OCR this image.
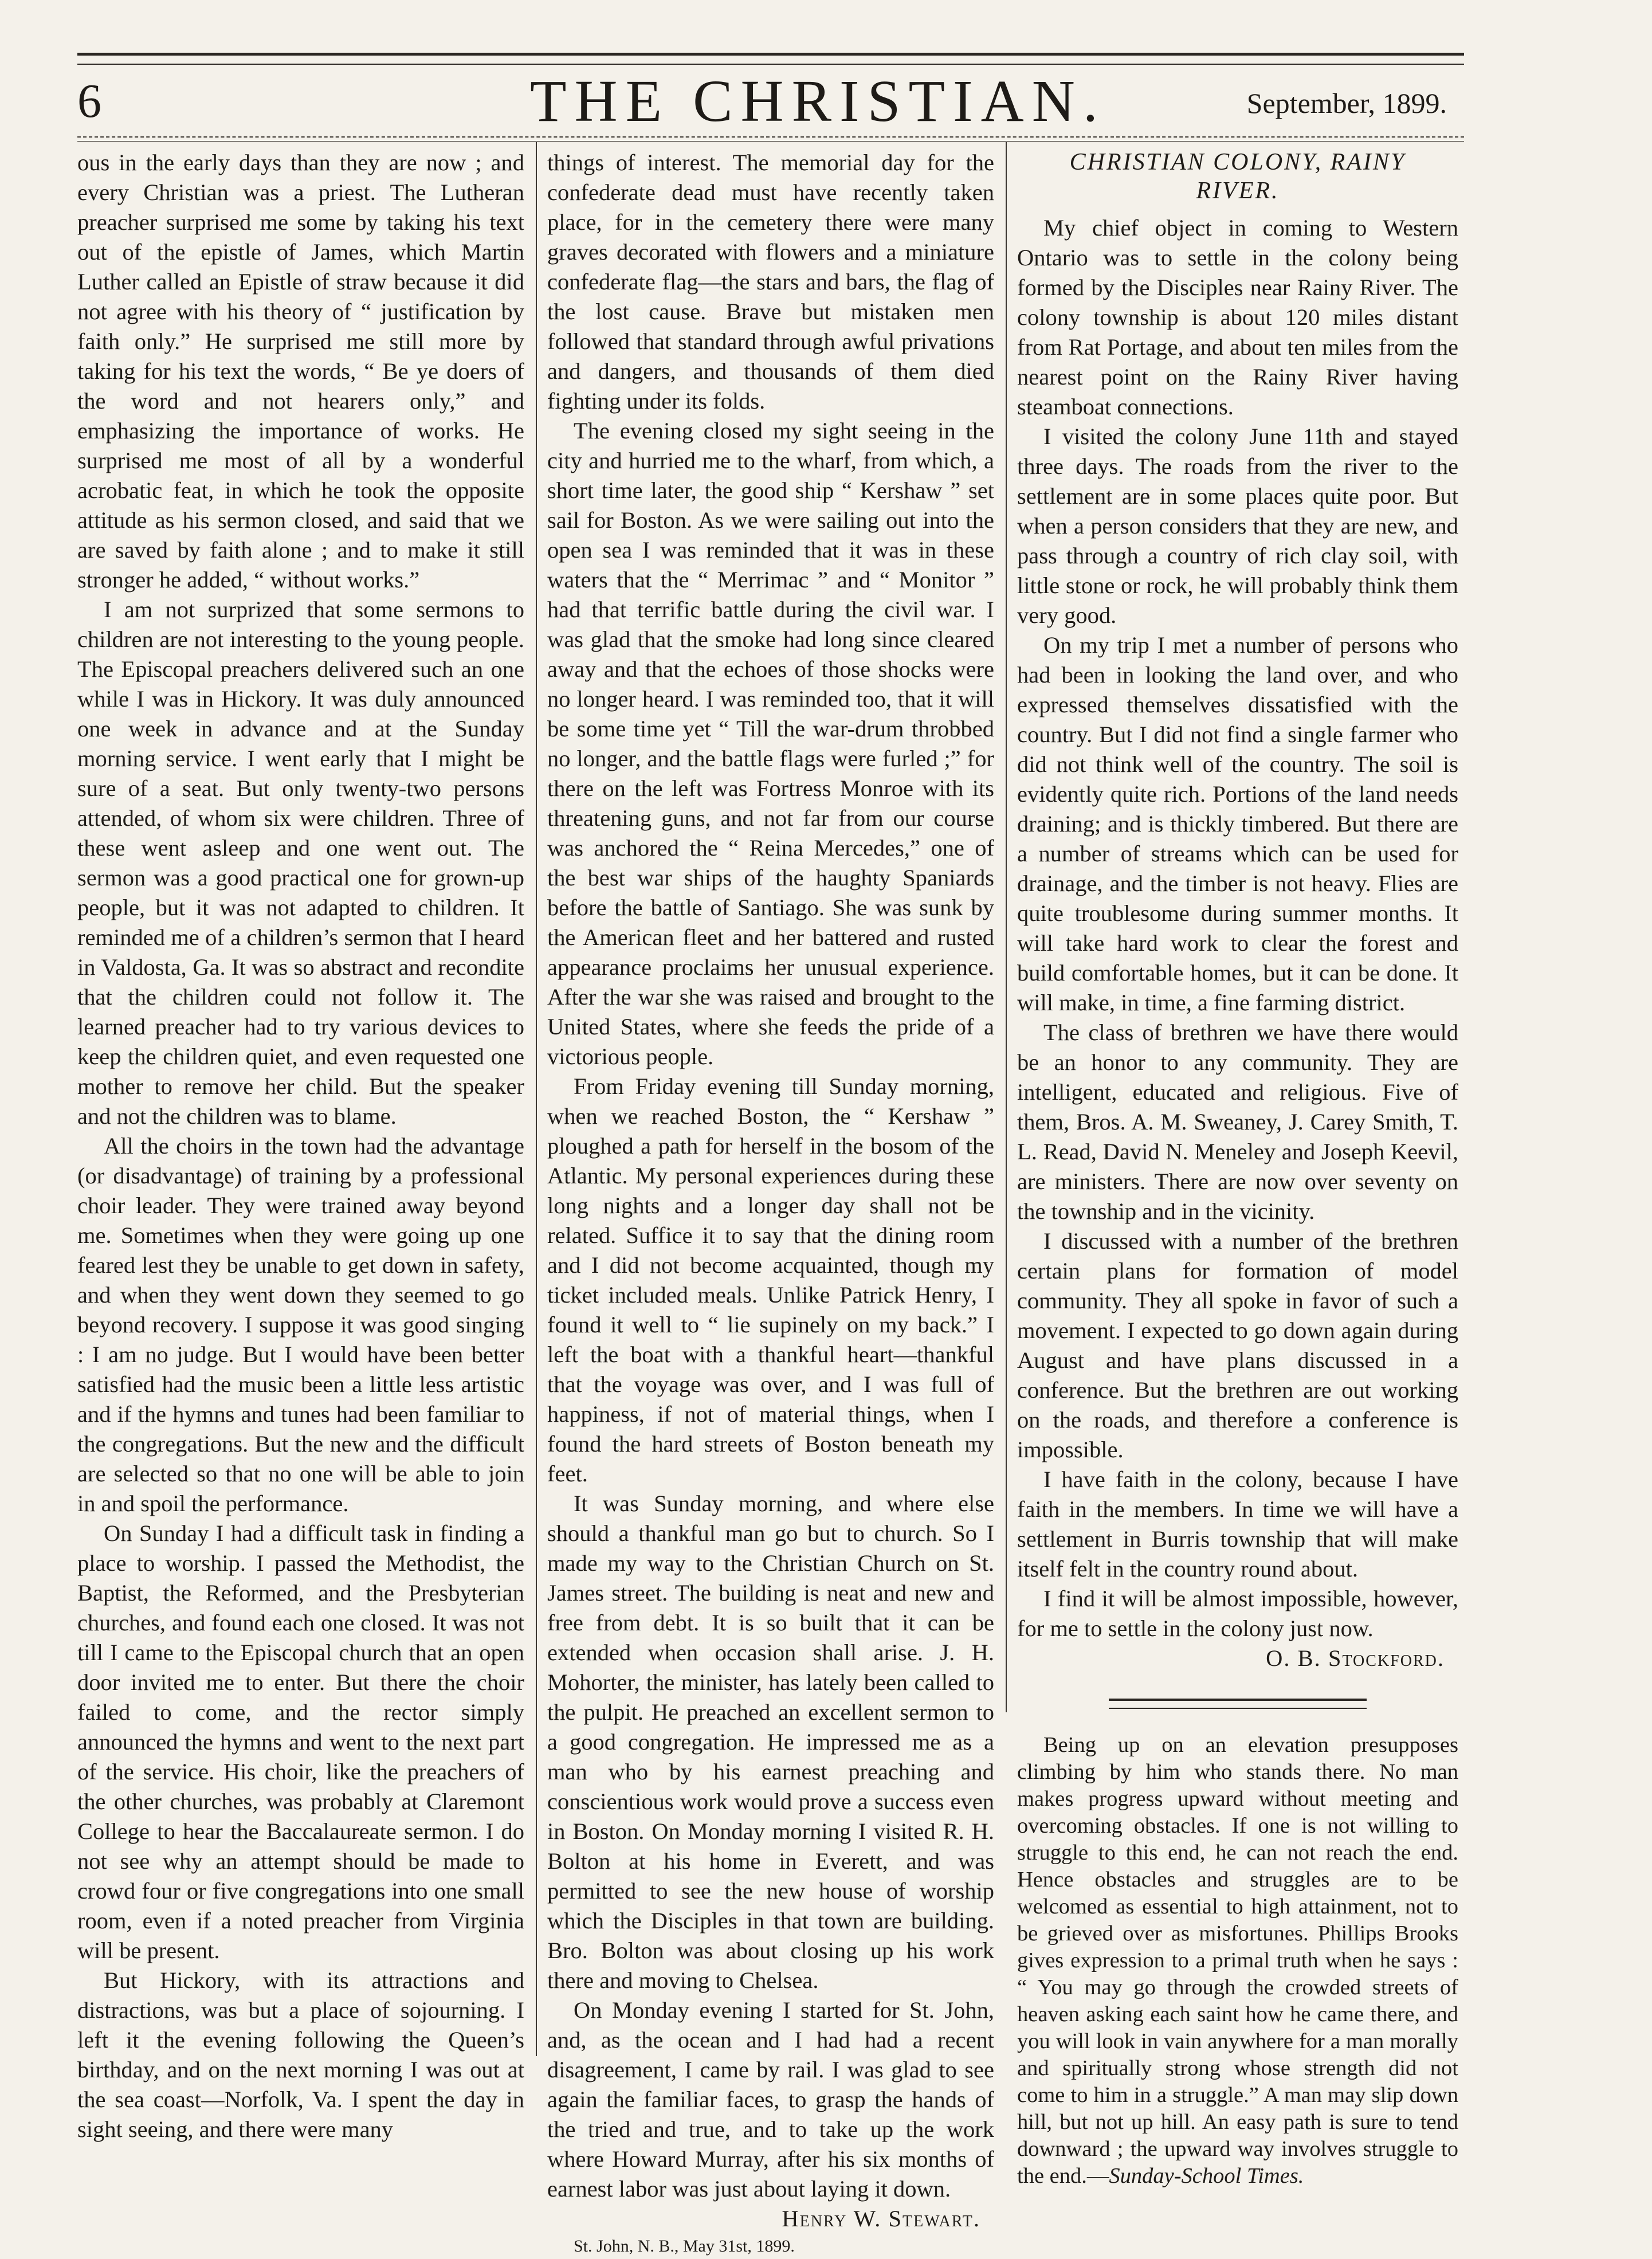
6	THE CHRISTIAN.	September, 1899.

ous in the early days than they are now ; and every Christian was a priest. The Lutheran preacher surprised me some by taking his text out of the epistle of James, which Martin Luther called an Epistle of straw because it did not agree with his theory of “ justification by faith only.” He surprised me still more by taking for his text the words, “ Be ye doers of the word and not hearers only,” and emphasizing the importance of works. He surprised me most of all by a wonderful acrobatic feat, in which he took the opposite attitude as his sermon closed, and said that we are saved by faith alone ; and to make it still stronger he added, “ without works.”

I am not surprized that some sermons to children are not interesting to the young people. The Episcopal preachers delivered such an one while I was in Hickory. It was duly announced one week in advance and at the Sunday morning service. I went early that I might be sure of a seat. But only twenty-two persons attended, of whom six were children. Three of these went asleep and one went out. The sermon was a good practical one for grown-up people, but it was not adapted to children. It reminded me of a children’s sermon that I heard in Valdosta, Ga. It was so abstract and recondite that the children could not follow it. The learned preacher had to try various devices to keep the children quiet, and even requested one mother to remove her child. But the speaker and not the children was to blame.

All the choirs in the town had the advantage (or disadvantage) of training by a professional choir leader. They were trained away beyond me. Sometimes when they were going up one feared lest they be unable to get down in safety, and when they went down they seemed to go beyond recovery. I suppose it was good singing : I am no judge. But I would have been better satisfied had the music been a little less artistic and if the hymns and tunes had been familiar to the congregations. But the new and the difficult are selected so that no one will be able to join in and spoil the performance.

On Sunday I had a difficult task in finding a place to worship. I passed the Methodist, the Baptist, the Reformed, and the Presbyterian churches, and found each one closed. It was not till I came to the Episcopal church that an open door invited me to enter. But there the choir failed to come, and the rector simply announced the hymns and went to the next part of the service. His choir, like the preachers of the other churches, was probably at Claremont College to hear the Baccalaureate sermon. I do not see why an attempt should be made to crowd four or five congregations into one small room, even if a noted preacher from Virginia will be present.

But Hickory, with its attractions and distractions, was but a place of sojourning. I left it the evening following the Queen’s birthday, and on the next morning I was out at the sea coast—Norfolk, Va. I spent the day in sight seeing, and there were many

things of interest. The memorial day for the confederate dead must have recently taken place, for in the cemetery there were many graves decorated with flowers and a miniature confederate flag—the stars and bars, the flag of the lost cause. Brave but mistaken men followed that standard through awful privations and dangers, and thousands of them died fighting under its folds.

The evening closed my sight seeing in the city and hurried me to the wharf, from which, a short time later, the good ship “ Kershaw ” set sail for Boston. As we were sailing out into the open sea I was reminded that it was in these waters that the “ Merrimac ” and “ Monitor ” had that terrific battle during the civil war. I was glad that the smoke had long since cleared away and that the echoes of those shocks were no longer heard. I was reminded too, that it will be some time yet “ Till the war-drum throbbed no longer, and the battle flags were furled ;” for there on the left was Fortress Monroe with its threatening guns, and not far from our course was anchored the “ Reina Mercedes,” one of the best war ships of the haughty Spaniards before the battle of Santiago. She was sunk by the American fleet and her battered and rusted appearance proclaims her unusual experience. After the war she was raised and brought to the United States, where she feeds the pride of a victorious people.

From Friday evening till Sunday morning, when we reached Boston, the “ Kershaw ” ploughed a path for herself in the bosom of the Atlantic. My personal experiences during these long nights and a longer day shall not be related. Suffice it to say that the dining room and I did not become acquainted, though my ticket included meals. Unlike Patrick Henry, I found it well to “ lie supinely on my back.” I left the boat with a thankful heart—thankful that the voyage was over, and I was full of happiness, if not of material things, when I found the hard streets of Boston beneath my feet.

It was Sunday morning, and where else should a thankful man go but to church. So I made my way to the Christian Church on St. James street. The building is neat and new and free from debt. It is so built that it can be extended when occasion shall arise. J. H. Mohorter, the minister, has lately been called to the pulpit. He preached an excellent sermon to a good congregation. He impressed me as a man who by his earnest preaching and conscientious work would prove a success even in Boston. On Monday morning I visited R. H. Bolton at his home in Everett, and was permitted to see the new house of worship which the Disciples in that town are building. Bro. Bolton was about closing up his work there and moving to Chelsea.

On Monday evening I started for St. John, and, as the ocean and I had had a recent disagreement, I came by rail. I was glad to see again the familiar faces, to grasp the hands of the tried and true, and to take up the work where Howard Murray, after his six months of earnest labor was just about laying it down.

Henry W. Stewart.

St. John, N. B., May 31st, 1899.

CHRISTIAN COLONY, RAINY RIVER.

My chief object in coming to Western Ontario was to settle in the colony being formed by the Disciples near Rainy River. The colony township is about 120 miles distant from Rat Portage, and about ten miles from the nearest point on the Rainy River having steamboat connections.

I visited the colony June 11th and stayed three days. The roads from the river to the settlement are in some places quite poor. But when a person considers that they are new, and pass through a country of rich clay soil, with little stone or rock, he will probably think them very good.

On my trip I met a number of persons who had been in looking the land over, and who expressed themselves dissatisfied with the country. But I did not find a single farmer who did not think well of the country. The soil is evidently quite rich. Portions of the land needs draining; and is thickly timbered. But there are a number of streams which can be used for drainage, and the timber is not heavy. Flies are quite troublesome during summer months. It will take hard work to clear the forest and build comfortable homes, but it can be done. It will make, in time, a fine farming district.

The class of brethren we have there would be an honor to any community. They are intelligent, educated and religious. Five of them, Bros. A. M. Sweaney, J. Carey Smith, T. L. Read, David N. Meneley and Joseph Keevil, are ministers. There are now over seventy on the township and in the vicinity.

I discussed with a number of the brethren certain plans for formation of model community. They all spoke in favor of such a movement. I expected to go down again during August and have plans discussed in a conference. But the brethren are out working on the roads, and therefore a conference is impossible.

I have faith in the colony, because I have faith in the members. In time we will have a settlement in Burris township that will make itself felt in the country round about.

I find it will be almost impossible, however, for me to settle in the colony just now.

O. B. Stockford.

Being up on an elevation presupposes climbing by him who stands there. No man makes progress upward without meeting and overcoming obstacles. If one is not willing to struggle to this end, he can not reach the end. Hence obstacles and struggles are to be welcomed as essential to high attainment, not to be grieved over as misfortunes. Phillips Brooks gives expression to a primal truth when he says : “ You may go through the crowded streets of heaven asking each saint how he came there, and you will look in vain anywhere for a man morally and spiritually strong whose strength did not come to him in a struggle.” A man may slip down hill, but not up hill. An easy path is sure to tend downward ; the upward way involves struggle to the end.—Sunday-School Times.
